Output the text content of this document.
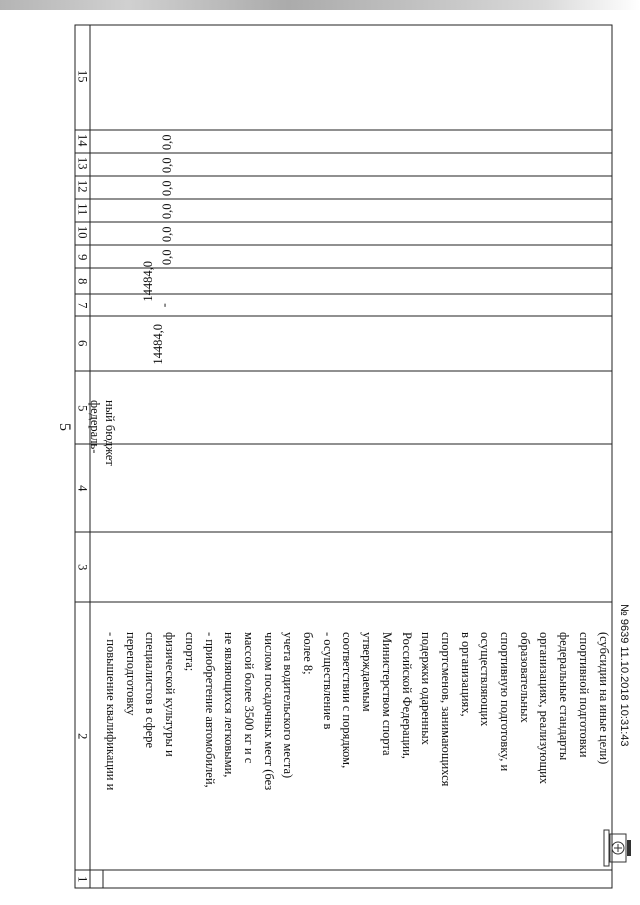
5
1
2
3
4
5
6
7
8
9
10
11
12
13
14
15
- повышение квалификации и переподготовку специалистов в сфере физической культуры и спорта; - приобретение автомобилей, не являющихся легковыми, массой более 3500 кг и с числом посадочных мест (без учета водительского места) более 8; - осуществление в соответствии с порядком, утверждаемым Министерством спорта Российской Федерации, подержки одаренных спортсменов, занимающихся в организациях, осуществляющих спортивную подготовку, и образовательных организациях, реализующих федеральные стандарты спортивной подготовки (субсидии на иные цели)
федераль- ный бюджет
14484,0
-
14484,0
0,0
0,0
0,0
0,0
0,0
0,0
№ 9639 11.10.2018 10:31:43
